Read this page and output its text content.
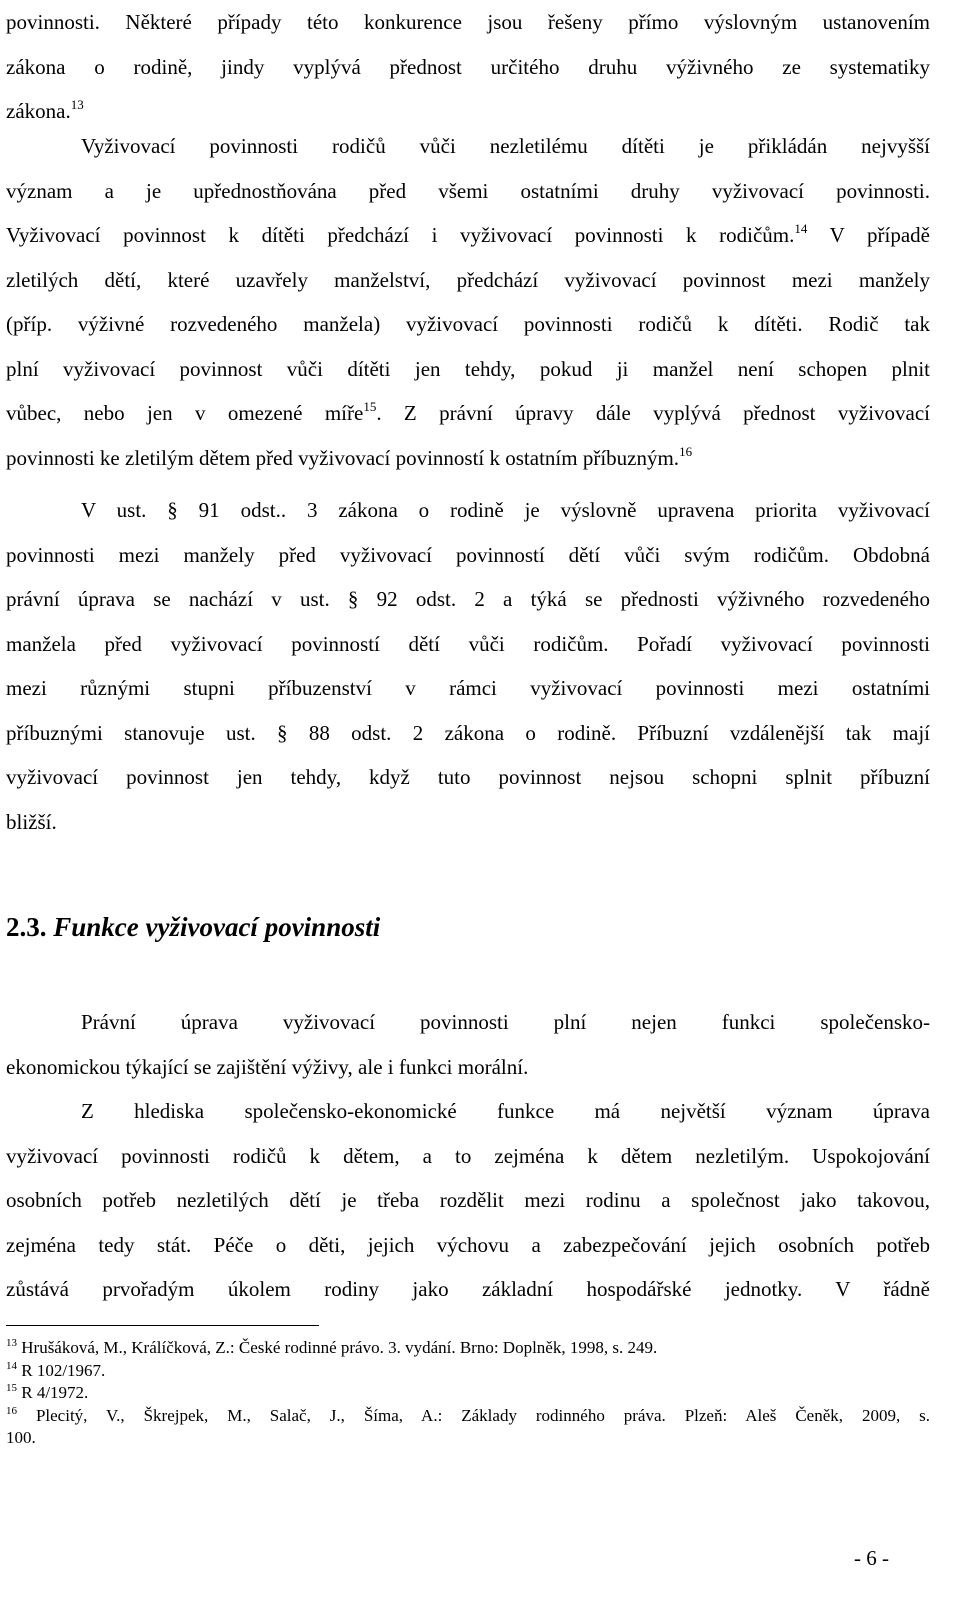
povinnosti. Některé případy této konkurence jsou řešeny přímo výslovným ustanovením
zákona o rodině, jindy vyplývá přednost určitého druhu výživného ze systematiky

zákona.$^{13}$

Vyživovací povinnosti rodičů vůči nezletilému dítěti je přikládán nejvyšší

význam a je upřednostňována před všemi ostatními druhy vyživovací povinnosti.

Vyživovací povinnost k dítěti předchází i vyživovací povinnosti k rodičům.$^{14}$ V případě

zletilých dětí, které uzavřely manželství, předchází vyživovací povinnost mezi manžely

(příp. výživné rozvedeného manžela) vyživovací povinnosti rodičů k dítěti. Rodič tak

plní vyživovací povinnost vůči dítěti jen tehdy, pokud ji manžel není schopen plnit

vůbec, nebo jen v omezené míře$^{15}$. Z právní úpravy dále vyplývá přednost vyživovací

povinnosti ke zletilým dětem před vyživovací povinností k ostatním příbuzným.$^{16}$

V ust. § 91 odst.. 3 zákona o rodině je výslovně upravena priorita vyživovací

povinnosti mezi manžely před vyživovací povinností dětí vůči svým rodičům. Obdobná

právní úprava se nachází v ust. § 92 odst. 2 a týká se přednosti výživného rozvedeného

manžela před vyživovací povinností dětí vůči rodičům. Pořadí vyživovací povinnosti

mezi různými stupni příbuzenství v rámci vyživovací povinnosti mezi ostatními

příbuznými stanovuje ust. § 88 odst. 2 zákona o rodině. Příbuzní vzdálenější tak mají

vyživovací povinnost jen tehdy, když tuto povinnost nejsou schopni splnit příbuzní

bližší.

2.3. Funkce vyživovací povinnosti

Právní úprava vyživovací povinnosti plní nejen funkci společensko-

ekonomickou týkající se zajištění výživy, ale i funkci morální.

Z hlediska společensko-ekonomické funkce má největší význam úprava

vyživovací povinnosti rodičů k dětem, a to zejména k dětem nezletilým. Uspokojování

osobních potřeb nezletilých dětí je třeba rozdělit mezi rodinu a společnost jako takovou,

zejména tedy stát. Péče o děti, jejich výchovu a zabezpečování jejich osobních potřeb

zůstává prvořadým úkolem rodiny jako základní hospodářské jednotky. V řádně

$^{13}$ Hrušáková, M., Králíčková, Z.: České rodinné právo. 3. vydání. Brno: Doplněk, 1998, s. 249.

$^{14}$ R 102/1967.

$^{15}$ R 4/1972.

$^{16}$ Plecitý, V., Škrejpek, M., Salač, J., Šíma, A.: Základy rodinného práva. Plzeň: Aleš Čeněk, 2009, s.

100.

- 6 -
